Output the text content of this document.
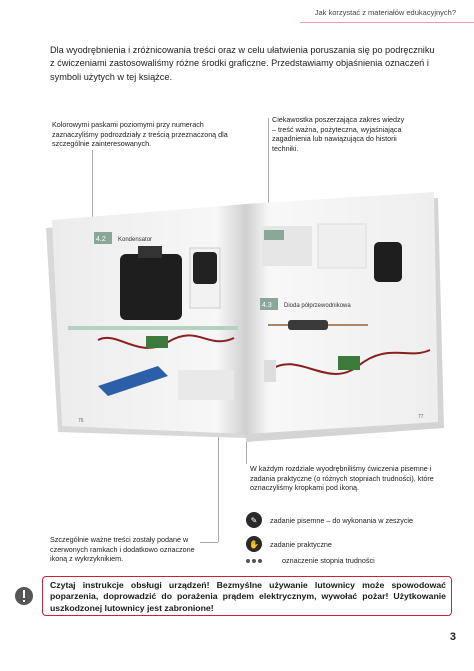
Jak korzystać z materiałów edukacyjnych?
Dla wyodrębnienia i zróżnicowania treści oraz w celu ułatwienia poruszania się po podręczniku z ćwiczeniami zastosowaliśmy różne środki graficzne. Przedstawiamy objaśnienia oznaczeń i symboli użytych w tej książce.
Kolorowymi paskami poziomymi przy numerach zaznaczyliśmy podrozdziały z treścią przeznaczoną dla szczególnie zainteresowanych.
Ciekawostka poszerzająca zakres wiedzy – treść ważna, pożyteczna, wyjaśniająca zagadnienia lub nawiązująca do historii techniki.
4.2 Kondensator
76
4.3 Dioda półprzewodnikowa
77
W każdym rozdziale wyodrębniliśmy ćwiczenia pisemne i zadania praktyczne (o różnych stopniach trudności), które oznaczyliśmy kropkami pod ikoną.
✎	zadanie pisemne – do wykonania w zeszycie
✋	zadanie praktyczne
oznaczenie stopnia trudności
Szczególnie ważne treści zostały podane w czerwonych ramkach i dodatkowo oznaczone ikoną z wykrzyknikiem.
Czytaj instrukcje obsługi urządzeń! Bezmyślne używanie lutownicy może spowodować poparzenia, doprowadzić do porażenia prądem elektrycznym, wywołać pożar! Użytkowanie uszkodzonej lutownicy jest zabronione!
3
